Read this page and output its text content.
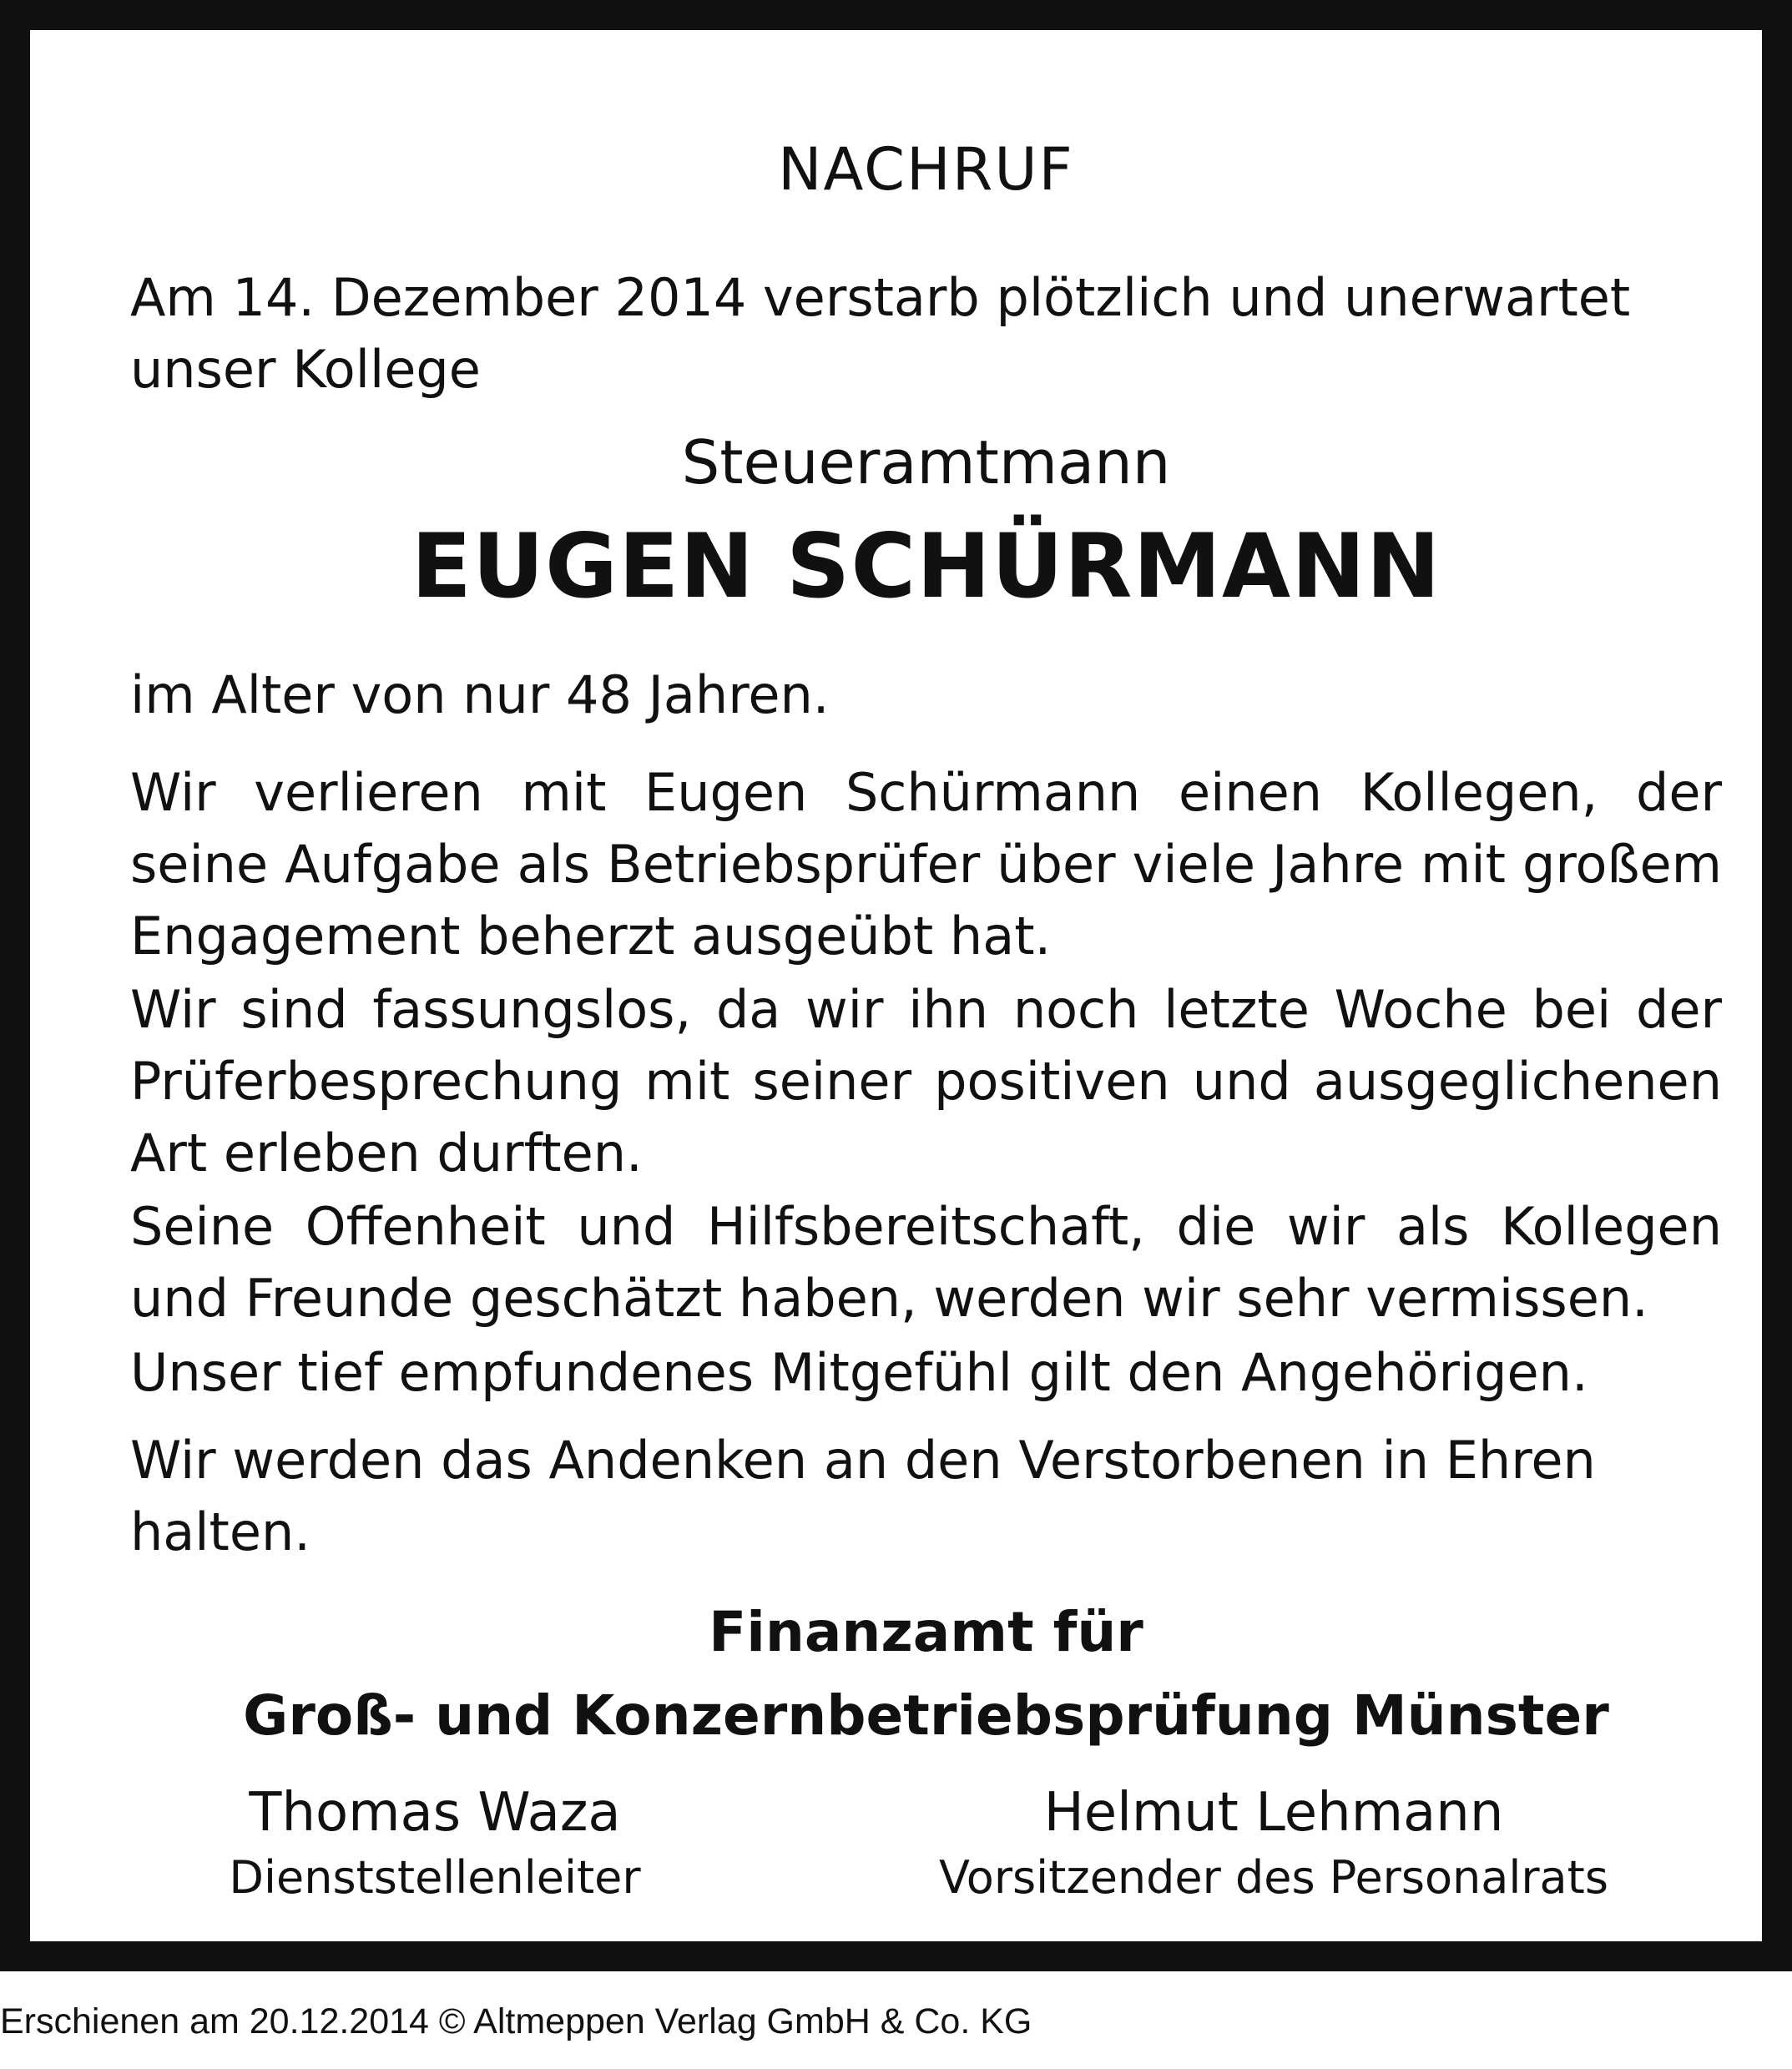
NACHRUF

Am 14. Dezember 2014 verstarb plötzlich und unerwartet
unser Kollege

Steueramtmann
EUGEN SCHÜRMANN

im Alter von nur 48 Jahren.

Wir verlieren mit Eugen Schürmann einen Kollegen, der seine Aufgabe als Betriebsprüfer über viele Jahre mit großem Engagement beherzt ausgeübt hat.

Wir sind fassungslos, da wir ihn noch letzte Woche bei der Prüferbesprechung mit seiner positiven und ausgeglichenen Art erleben durften.

Seine Offenheit und Hilfsbereitschaft, die wir als Kollegen und Freunde geschätzt haben, werden wir sehr vermissen.

Unser tief empfundenes Mitgefühl gilt den Angehörigen.

Wir werden das Andenken an den Verstorbenen in Ehren halten.

Finanzamt für
Groß- und Konzernbetriebsprüfung Münster
Thomas Waza
Dienststellenleiter
Helmut Lehmann
Vorsitzender des Personalrats
Erschienen am 20.12.2014 © Altmeppen Verlag GmbH & Co. KG
